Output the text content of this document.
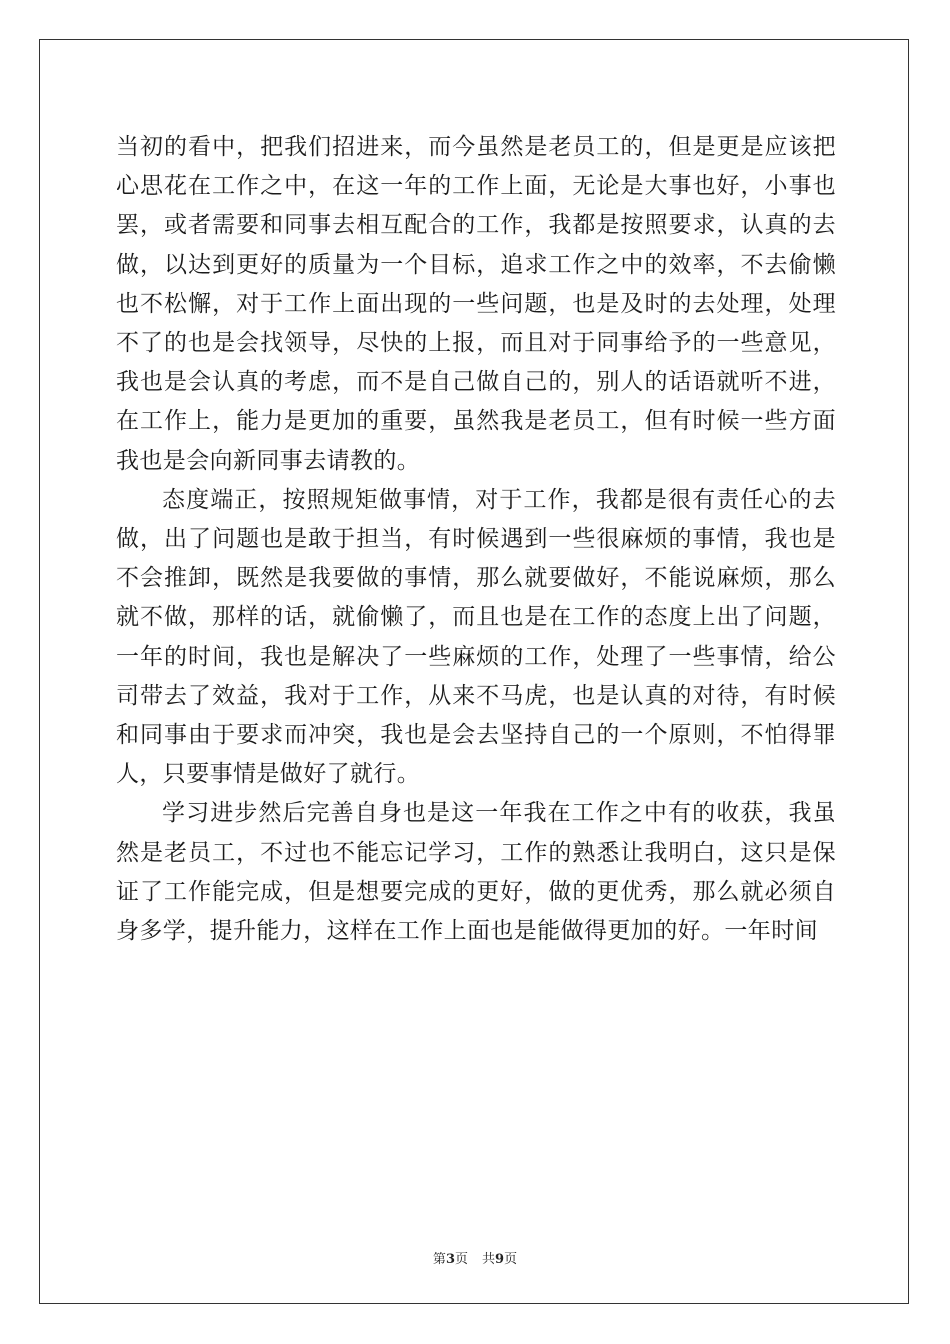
当初的看中，把我们招进来，而今虽然是老员工的，但是更是应该把心思花在工作之中，在这一年的工作上面，无论是大事也好，小事也罢，或者需要和同事去相互配合的工作，我都是按照要求，认真的去做，以达到更好的质量为一个目标，追求工作之中的效率，不去偷懒也不松懈，对于工作上面出现的一些问题，也是及时的去处理，处理不了的也是会找领导，尽快的上报，而且对于同事给予的一些意见，我也是会认真的考虑，而不是自己做自己的，别人的话语就听不进，在工作上，能力是更加的重要，虽然我是老员工，但有时候一些方面我也是会向新同事去请教的。

态度端正，按照规矩做事情，对于工作，我都是很有责任心的去做，出了问题也是敢于担当，有时候遇到一些很麻烦的事情，我也是不会推卸，既然是我要做的事情，那么就要做好，不能说麻烦，那么就不做，那样的话，就偷懒了，而且也是在工作的态度上出了问题，一年的时间，我也是解决了一些麻烦的工作，处理了一些事情，给公司带去了效益，我对于工作，从来不马虎，也是认真的对待，有时候和同事由于要求而冲突，我也是会去坚持自己的一个原则，不怕得罪人，只要事情是做好了就行。

学习进步然后完善自身也是这一年我在工作之中有的收获，我虽然是老员工，不过也不能忘记学习，工作的熟悉让我明白，这只是保证了工作能完成，但是想要完成的更好，做的更优秀，那么就必须自身多学，提升能力，这样在工作上面也是能做得更加的好。一年时间

第3页 共9页
